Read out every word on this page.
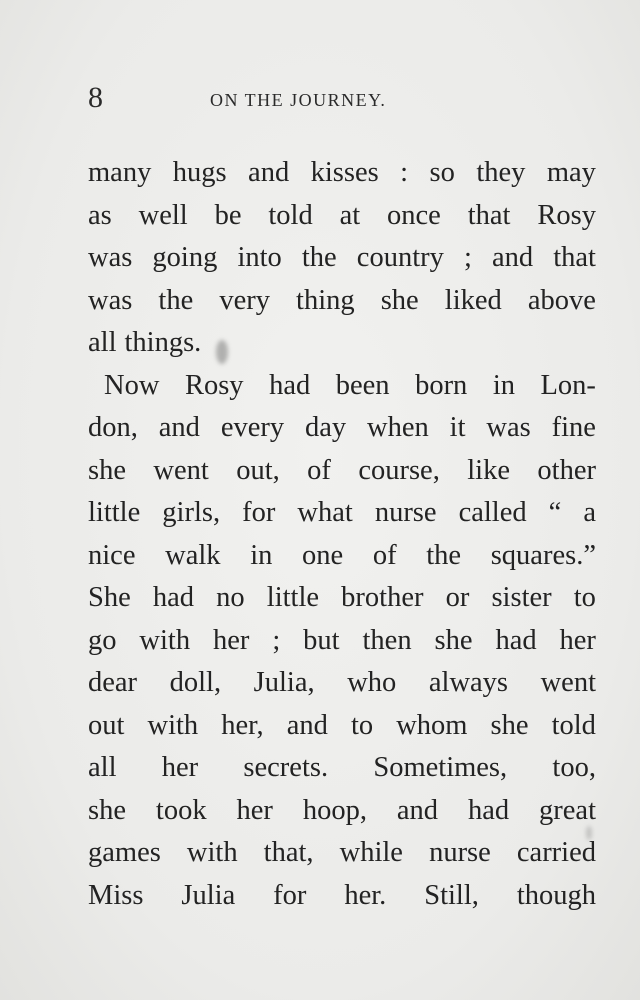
8	ON THE JOURNEY.
many hugs and kisses : so they may
as well be told at once that Rosy
was going into the country ; and that
was the very thing she liked above
all things.
Now Rosy had been born in Lon-
don, and every day when it was fine
she went out, of course, like other
little girls, for what nurse called “ a
nice walk in one of the squares.”
She had no little brother or sister to
go with her ; but then she had her
dear doll, Julia, who always went
out with her, and to whom she told
all her secrets. Sometimes, too,
she took her hoop, and had great
games with that, while nurse carried
Miss Julia for her. Still, though
